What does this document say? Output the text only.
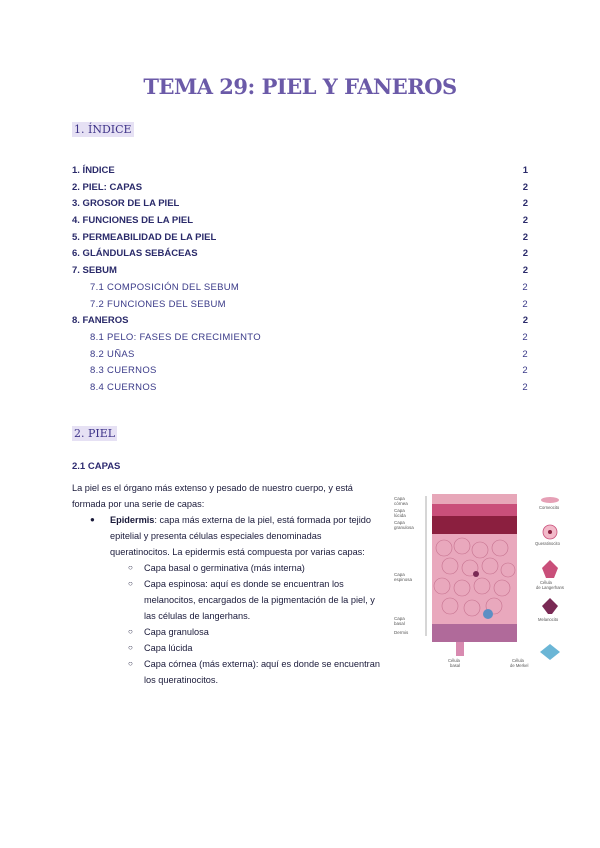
TEMA 29: PIEL Y FANEROS
1. ÍNDICE
1. ÍNDICE	1
2. PIEL: CAPAS	2
3. GROSOR DE LA PIEL	2
4. FUNCIONES DE LA PIEL	2
5. PERMEABILIDAD DE LA PIEL	2
6. GLÁNDULAS SEBÁCEAS	2
7. SEBUM	2
7.1 COMPOSICIÓN DEL SEBUM	2
7.2 FUNCIONES DEL SEBUM	2
8. FANEROS	2
8.1 PELO: FASES DE CRECIMIENTO	2
8.2 UÑAS	2
8.3 CUERNOS	2
8.4 CUERNOS	2
2. PIEL
2.1 CAPAS

La piel es el órgano más extenso y pesado de nuestro cuerpo, y está formada por una serie de capas:

●	Epidermis: capa más externa de la piel, está formada por tejido epitelial y presenta células especiales denominadas queratinocitos. La epidermis está compuesta por varias capas:
○ Capa basal o germinativa (más interna)
○ Capa espinosa: aquí es donde se encuentran los melanocitos, encargados de la pigmentación de la piel, y las células de langerhans.
○ Capa granulosa
○ Capa lúcida
○ Capa córnea (más externa): aquí es donde se encuentran los queratinocitos.
Capa
córnea
Capa
lúcida
Capa
granulosa
Capa
espinosa
Capa
basal
Dermis
Corneocito
Queratinocito
Célula
de Langerhans
Melanocito
Célula
basal
Célula
de Merkel
